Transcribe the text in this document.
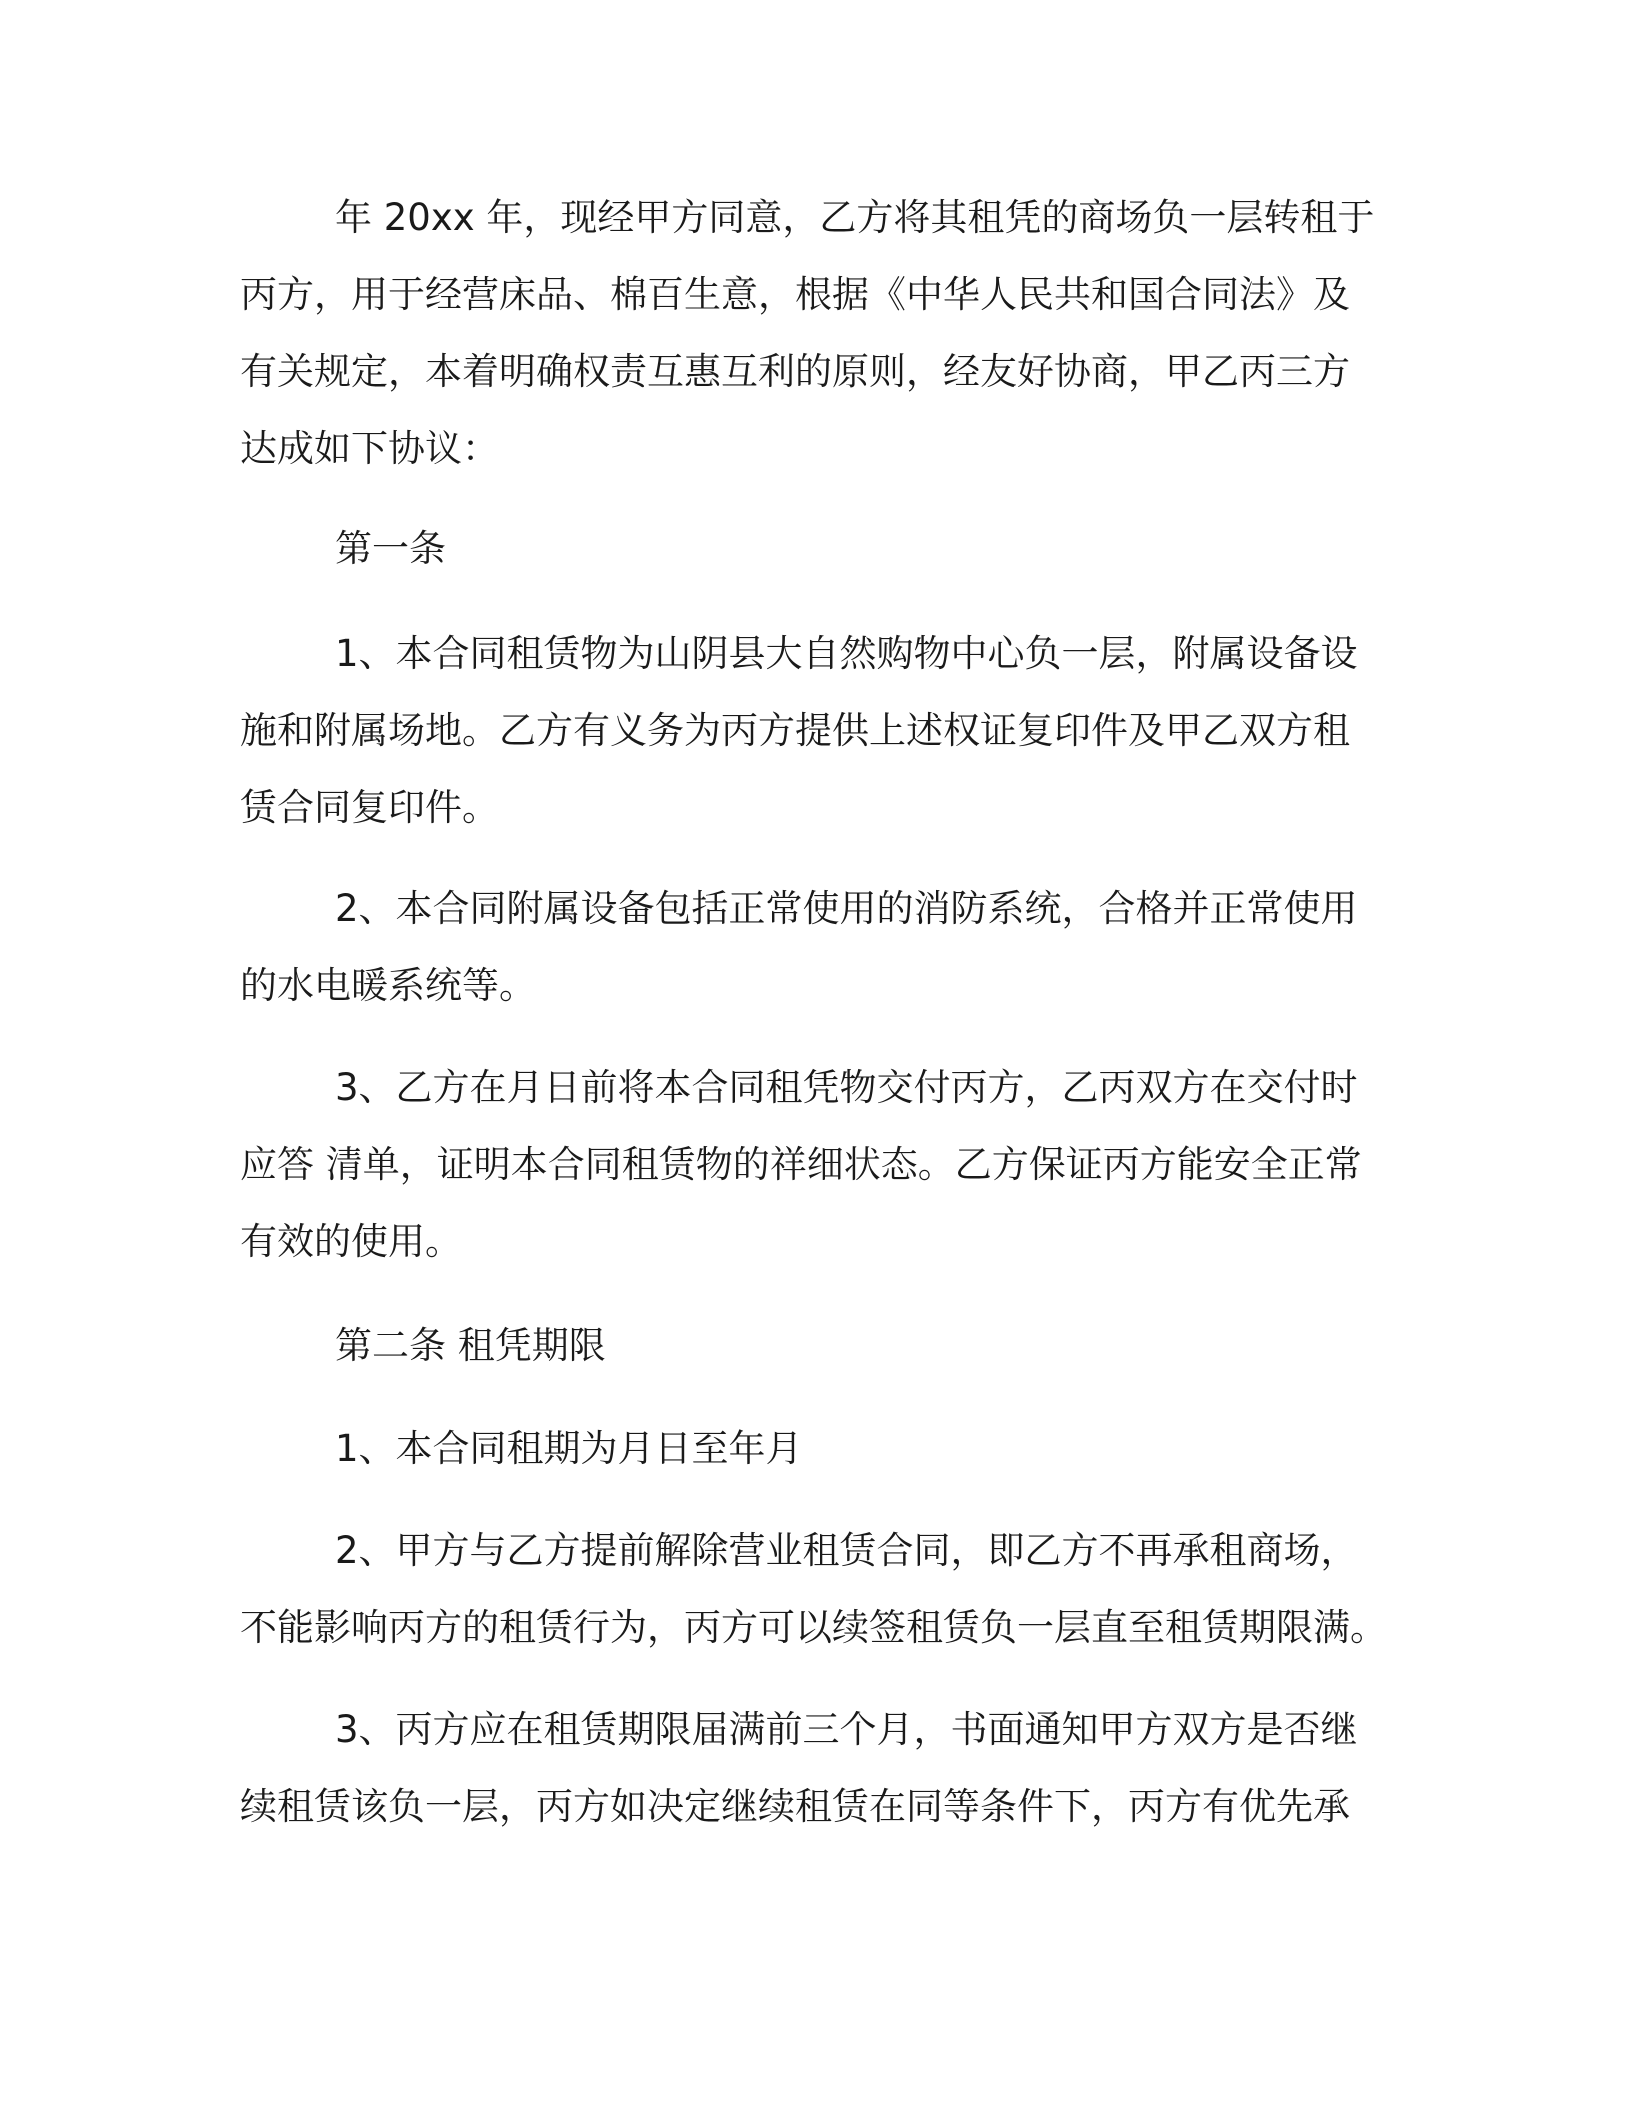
年 20xx 年，现经甲方同意，乙方将其租凭的商场负一层转租于
丙方，用于经营床品、棉百生意，根据《中华人民共和国合同法》及
有关规定，本着明确权责互惠互利的原则，经友好协商，甲乙丙三方
达成如下协议：
第一条
1、本合同租赁物为山阴县大自然购物中心负一层，附属设备设
施和附属场地。乙方有义务为丙方提供上述权证复印件及甲乙双方租
赁合同复印件。
2、本合同附属设备包括正常使用的消防系统，合格并正常使用
的水电暖系统等。
3、乙方在月日前将本合同租凭物交付丙方，乙丙双方在交付时
应答 清单，证明本合同租赁物的祥细状态。乙方保证丙方能安全正常
有效的使用。
第二条 租凭期限
1、本合同租期为月日至年月
2、甲方与乙方提前解除营业租赁合同，即乙方不再承租商场，
不能影响丙方的租赁行为，丙方可以续签租赁负一层直至租赁期限满。
3、丙方应在租赁期限届满前三个月，书面通知甲方双方是否继
续租赁该负一层，丙方如决定继续租赁在同等条件下，丙方有优先承
